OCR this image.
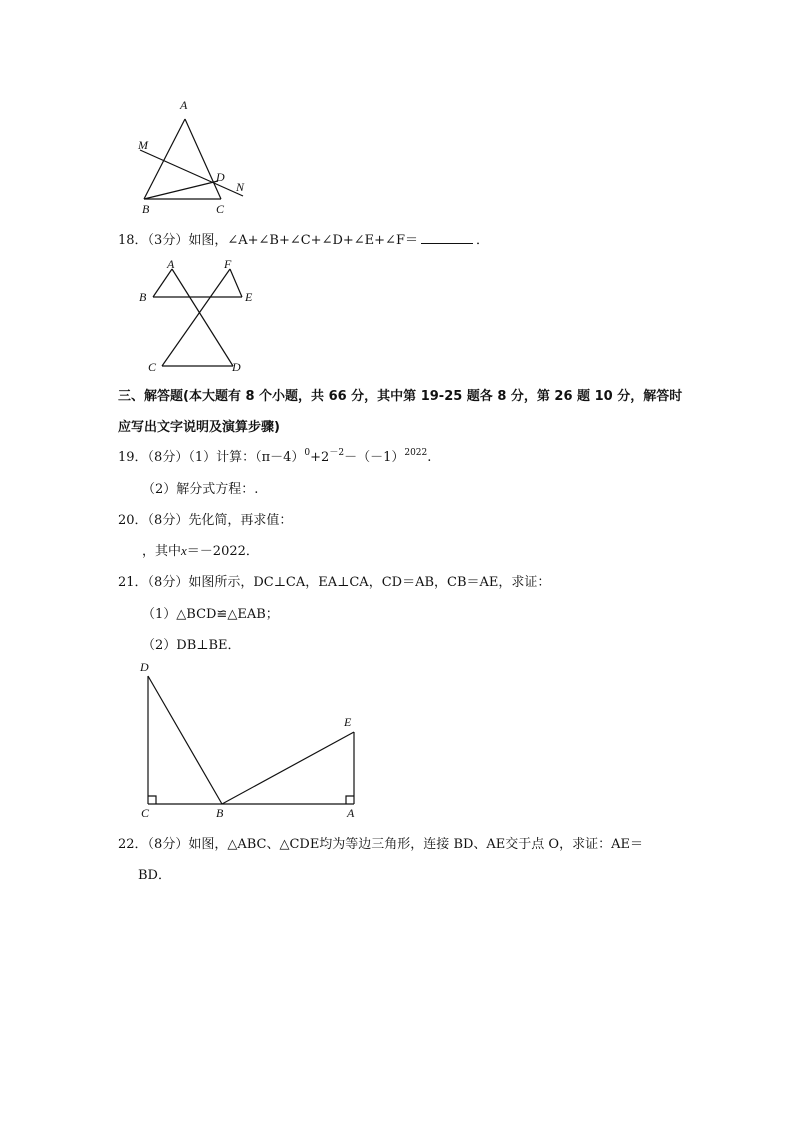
A
M
D
N
B	C
18．（3分）如图，∠A+∠B+∠C+∠D+∠E+∠F＝	．
A	F
B	E
C	D
三、解答题(本大题有 8 个小题，共 66 分，其中第 19-25 题各 8 分，第 26 题 10 分，解答时
应写出文字说明及演算步骤)
19．（8分）（1）计算：$(\pi-4)^0+2^{-2}-(-1)^{2022}$.
（2）解分式方程：.
20．（8分）先化简，再求值：
，其中x＝－2022．
21．（8分）如图所示，DC⊥CA，EA⊥CA，CD＝AB，CB＝AE，求证：
（1）△BCD≌△EAB；
（2）DB⊥BE．
D
E
C	B	A
22．（8分）如图，△ABC、△CDE均为等边三角形，连接 BD、AE交于点 O，求证：AE＝
BD．
